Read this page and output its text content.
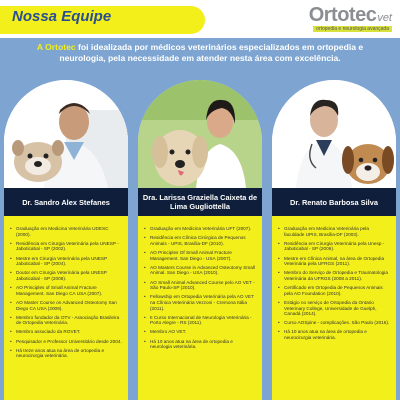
Nossa Equipe	Ortotecvet
ortopedia e neurologia avançada
A Ortotec foi idealizada por médicos veterinários especializados em ortopedia e neurologia, pela necessidade em atender nesta área com excelência.
Dr. Sandro Alex Stefanes
• Graduação em Medicina Veterinária UDESC (2000).
• Residência em Cirurgia Veterinária pela UNESP - Jaboticabal - SP (2002).
• Mestre em Cirurgia Veterinária pela UNESP Jaboticabal - SP (2004).
• Doutor em Cirurgia Veterinária pela UNESP Jaboticabal - SP (2008).
• AO Principles of Small Animal Fracture Management. San Diego CA USA (2007).
• AO Master Course on Advanced Osteotomy San Diego CA USA (2009).
• Membro fundador da OTV - Associação Brasileira de Ortopedia Veterinária.
• Membro associado da ROVET.
• Pesquisador e Professor Universitário desde 2004.
• Há treze anos atua na área de ortopedia e neurocirurgia veterinária.
Dra. Larissa Graziella Caixeta de Lima Gugliottella
• Graduação em Medicina Veterinária UFT (2007).
• Residência em Clínica Cirúrgica de Pequenos Animais - UPIS, Brasília-DF (2010).
• AO Principles Of Small Animal Fracture Management. San Diego - USA (2007).
• AO Masters Course in Advanced Osteotomy Small Animal. San Diego - USA (2010).
• AO Small Animal Advanced Course pelo AO VET - São Paulo-SP (2010).
• Fellowship em Ortopedia Veterinária pela AO VET na Clínica Veterinária Vezzoni - Cremona Itália (2011).
• II Curso Internacional de Neurologia Veterinária - Porto Alegre - RS (2011).
• Membro AO VET.
• Há 10 anos atua na área de ortopedia e neurologia veterinária.
Dr. Renato Barbosa Silva
• Graduação em Medicina Veterinária pela faculdade UPIS, Brasília-DF (2003).
• Residência em Cirurgia Veterinária pela Unesp - Jaboticabal - SP (2006).
• Mestre em Clínica Animal, na área de Ortopedia Veterinária pela UFRGS (2011).
• Membro do Serviço de Ortopedia e Traumatologia Veterinária da UFRGS (2008 a 2011).
• Certificado em Ortopedia de Pequenos Animais pela AO Foundation (2010).
• Estágio no serviço de Ortopedia da Ontario Veterinary College, Universidade de Guelph, Canadá (2014).
• Curso AOSpine - complicações. São Paulo (2016).
• Há 10 anos atua na área de ortopedia e neurocirurgia veterinária.
